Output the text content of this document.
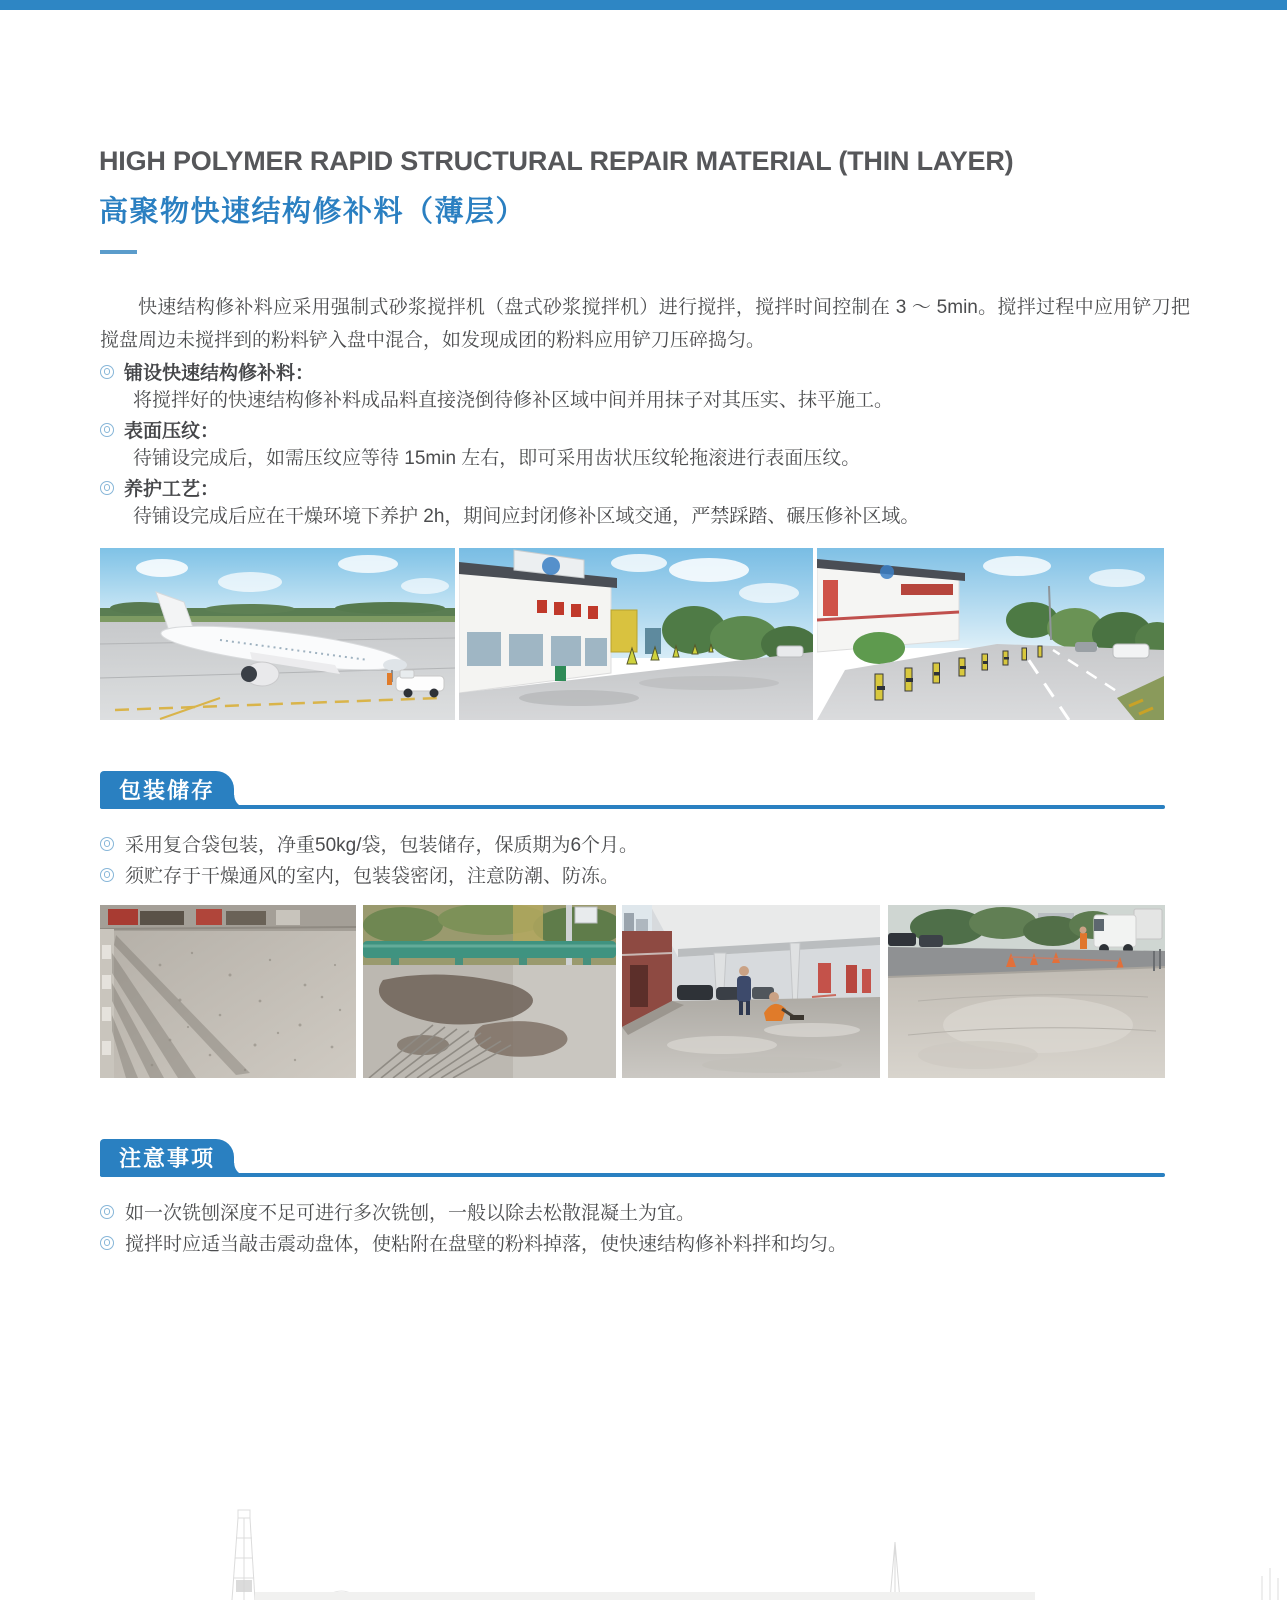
HIGH POLYMER RAPID STRUCTURAL REPAIR MATERIAL (THIN LAYER)
高聚物快速结构修补料（薄层）

快速结构修补料应采用强制式砂浆搅拌机（盘式砂浆搅拌机）进行搅拌，搅拌时间控制在 3 ～ 5min。搅拌过程中应用铲刀把搅盘周边未搅拌到的粉料铲入盘中混合，如发现成团的粉料应用铲刀压碎捣匀。

铺设快速结构修补料：
将搅拌好的快速结构修补料成品料直接浇倒待修补区域中间并用抹子对其压实、抹平施工。
表面压纹：
待铺设完成后，如需压纹应等待 15min 左右，即可采用齿状压纹轮拖滚进行表面压纹。
养护工艺：
待铺设完成后应在干燥环境下养护 2h，期间应封闭修补区域交通，严禁踩踏、碾压修补区域。
包装储存
采用复合袋包装，净重50kg/袋，包装储存，保质期为6个月。
须贮存于干燥通风的室内，包装袋密闭，注意防潮、防冻。
注意事项
如一次铣刨深度不足可进行多次铣刨，一般以除去松散混凝土为宜。
搅拌时应适当敲击震动盘体，使粘附在盘壁的粉料掉落，使快速结构修补料拌和均匀。
